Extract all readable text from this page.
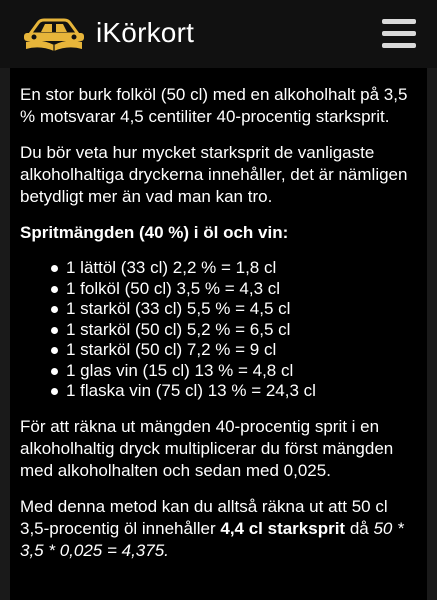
iKörkort

En stor burk folköl (50 cl) med en alkoholhalt på 3,5 % motsvarar 4,5 centiliter 40-procentig starksprit.

Du bör veta hur mycket starksprit de vanligaste alkoholhaltiga dryckerna innehåller, det är nämligen betydligt mer än vad man kan tro.

Spritmängden (40 %) i öl och vin:

1 lättöl (33 cl) 2,2 % = 1,8 cl
1 folköl (50 cl) 3,5 % = 4,3 cl
1 starköl (33 cl) 5,5 % = 4,5 cl
1 starköl (50 cl) 5,2 % = 6,5 cl
1 starköl (50 cl) 7,2 % = 9 cl
1 glas vin (15 cl) 13 % = 4,8 cl
1 flaska vin (75 cl) 13 % = 24,3 cl

För att räkna ut mängden 40-procentig sprit i en alkoholhaltig dryck multiplicerar du först mängden med alkoholhalten och sedan med 0,025.

Med denna metod kan du alltså räkna ut att 50 cl 3,5-procentig öl innehåller 4,4 cl starksprit då 50 * 3,5 * 0,025 = 4,375.
